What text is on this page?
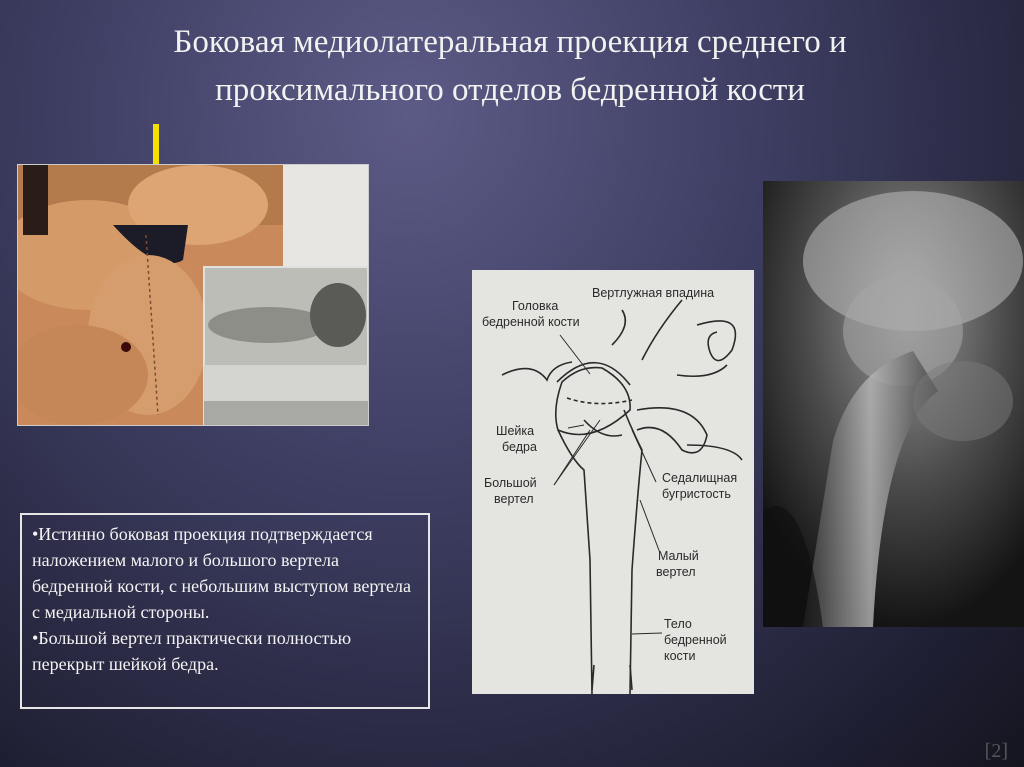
Боковая медиолатеральная проекция среднего и
проксимального отделов бедренной кости
Вертлужная впадина
Головка
бедренной кости
Шейка
бедра
Большой
вертел
Седалищная
бугристость
Малый
вертел
Тело
бедренной
кости

•Истинно боковая проекция подтверждается наложением малого и большого вертела бедренной кости, с небольшим выступом вертела с медиальной стороны.

•Большой вертел практически полностью перекрыт шейкой бедра.

[2]
